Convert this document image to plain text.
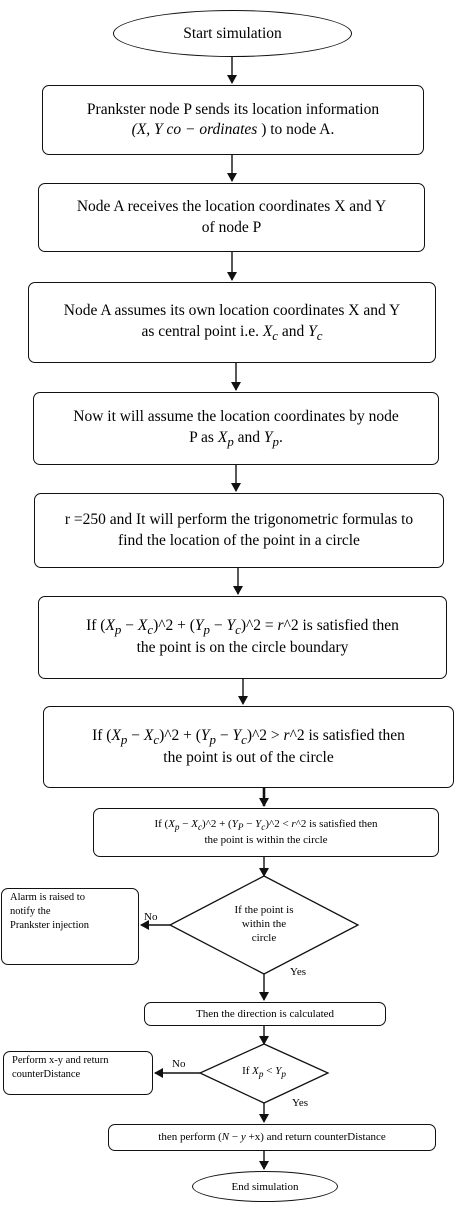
Start simulation
Prankster node P sends its location information
(X, Y co − ordinates ) to node A.
Node A receives the location coordinates X and Y
of node P
Node A assumes its own location coordinates X and Y
as central point i.e. $X_c$ and $Y_c$
Now it will assume the location coordinates by node
P as $X_p$ and $Y_p$.
r =250 and It will perform the trigonometric formulas to
find the location of the point in a circle
If ($X_p$ − $X_c)\^{}2 + (Y_p$ − $Y_c)\^{}2$ = r^2 is satisfied then
the point is on the circle boundary
If ($X_p$ − $X_c)\^{}2 + (Y_p$ − $Y_c)\^{}2$ > r^2 is satisfied then
the point is out of the circle
If ($X_p$ − $X_c)\^{}2 + (Y_P$ − $Y_c)\^{}2$ < r^2 is satisfied then
the point is within the circle
If the point is
within the
circle
Alarm is raised to
notify the
Prankster injection
No
Yes
Then the direction is calculated
If $X_p < Y_p$
Perform x-y and return
counterDistance
No
Yes
then perform (N − y +x) and return counterDistance
End simulation
